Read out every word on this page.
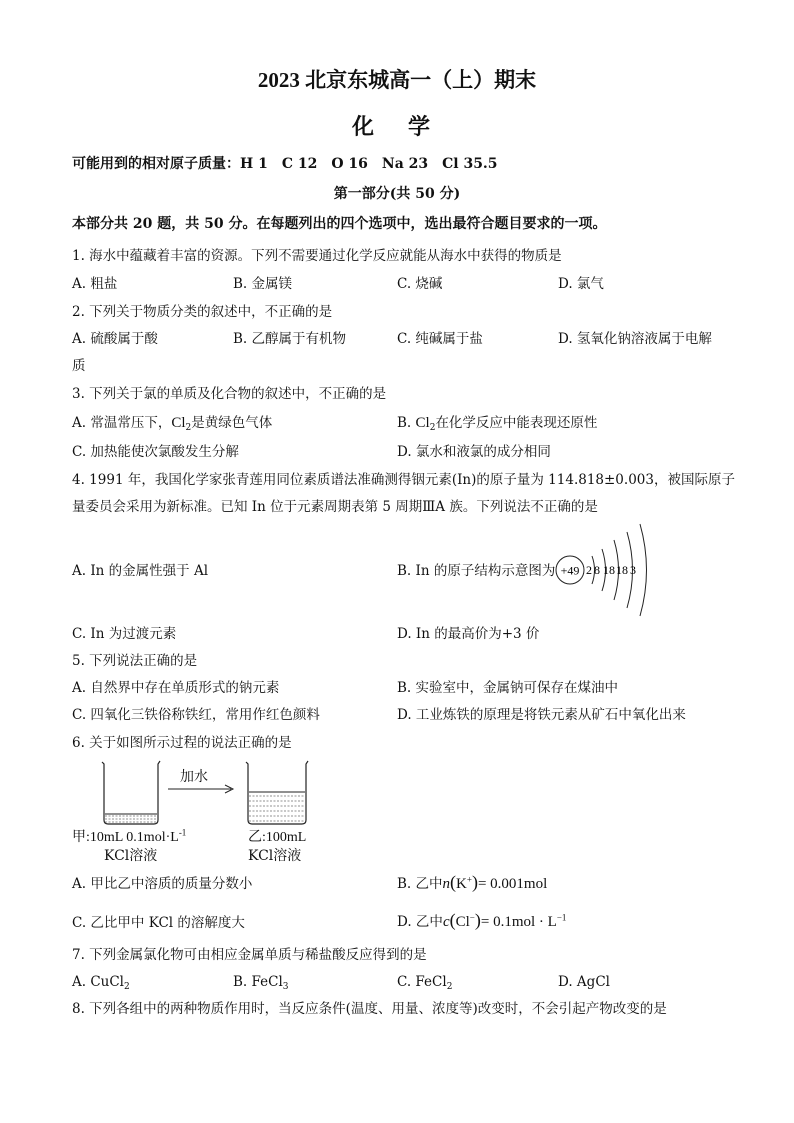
2023 北京东城高一（上）期末
化学
可能用到的相对原子质量：H 1　C 12　O 16　Na 23　Cl 35.5
第一部分(共 50 分)
本部分共 20 题，共 50 分。在每题列出的四个选项中，选出最符合题目要求的一项。
1. 海水中蕴藏着丰富的资源。下列不需要通过化学反应就能从海水中获得的物质是
A. 粗盐	B. 金属镁	C. 烧碱	D. 氯气
2. 下列关于物质分类的叙述中，不正确的是
A. 硫酸属于酸	B. 乙醇属于有机物	C. 纯碱属于盐	D. 氢氧化钠溶液属于电解
质
3. 下列关于氯的单质及化合物的叙述中，不正确的是
A. 常温常压下，$Cl_2$是黄绿色气体	B. $Cl_2$在化学反应中能表现还原性
C. 加热能使次氯酸发生分解	D. 氯水和液氯的成分相同
4. 1991 年，我国化学家张青莲用同位素质谱法准确测得铟元素(In)的原子量为 114.818±0.003，被国际原子
量委员会采用为新标准。已知 In 位于元素周期表第 5 周期ⅢA 族。下列说法不正确的是
A. In 的金属性强于 Al	B. In 的原子结构示意图为 +49 2 8 18 18 3
C. In 为过渡元素	D. In 的最高价为+3 价
5. 下列说法正确的是
A. 自然界中存在单质形式的钠元素	B. 实验室中，金属钠可保存在煤油中
C. 四氧化三铁俗称铁红，常用作红色颜料	D. 工业炼铁的原理是将铁元素从矿石中氧化出来
6. 关于如图所示过程的说法正确的是
加水
甲:10mL $0.1mol\cdot L^{-1}$
KCl溶液
乙:100mL
KCl溶液
A. 甲比乙中溶质的质量分数小	B. 乙中n(K+)= 0.001mol
C. 乙比甲中 KCl 的溶解度大	D. 乙中$c(Cl^-)= 0.1mol \cdot L^{-1}$
7. 下列金属氯化物可由相应金属单质与稀盐酸反应得到的是
A. CuCl$_2$	B. FeCl$_3$	C. FeCl$_2$	D. AgCl
8. 下列各组中的两种物质作用时，当反应条件(温度、用量、浓度等)改变时，不会引起产物改变的是
